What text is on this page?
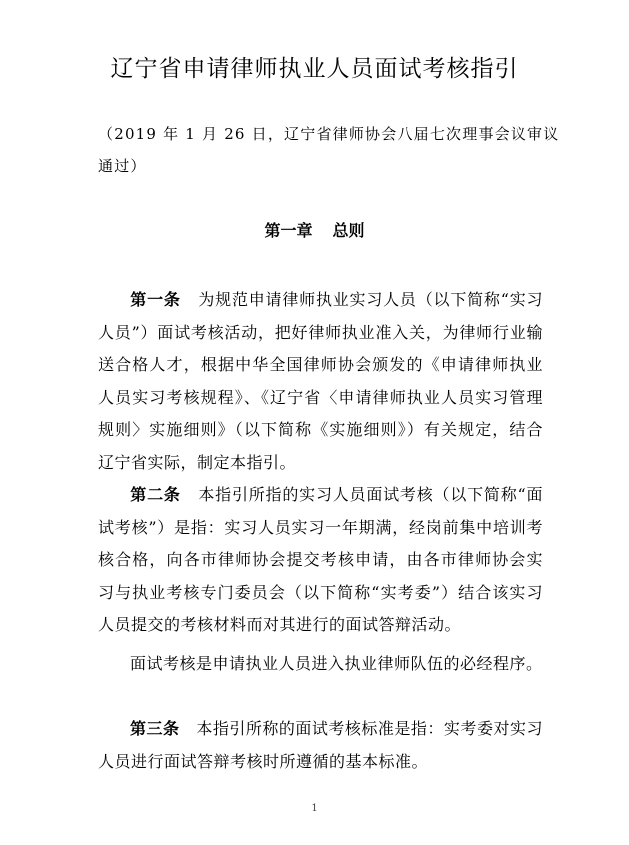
辽宁省申请律师执业人员面试考核指引
（2019 年 1 月 26 日，辽宁省律师协会八届七次理事会议审议通过）
第一章 总则
第一条 为规范申请律师执业实习人员（以下简称“实习人员”）面试考核活动，把好律师执业准入关，为律师行业输送合格人才，根据中华全国律师协会颁发的《申请律师执业人员实习考核规程》、《辽宁省〈申请律师执业人员实习管理规则〉实施细则》（以下简称《实施细则》）有关规定，结合辽宁省实际，制定本指引。
第二条 本指引所指的实习人员面试考核（以下简称“面试考核”）是指：实习人员实习一年期满，经岗前集中培训考核合格，向各市律师协会提交考核申请，由各市律师协会实习与执业考核专门委员会（以下简称“实考委”）结合该实习人员提交的考核材料而对其进行的面试答辩活动。
面试考核是申请执业人员进入执业律师队伍的必经程序。
第三条 本指引所称的面试考核标准是指：实考委对实习人员进行面试答辩考核时所遵循的基本标准。
1
